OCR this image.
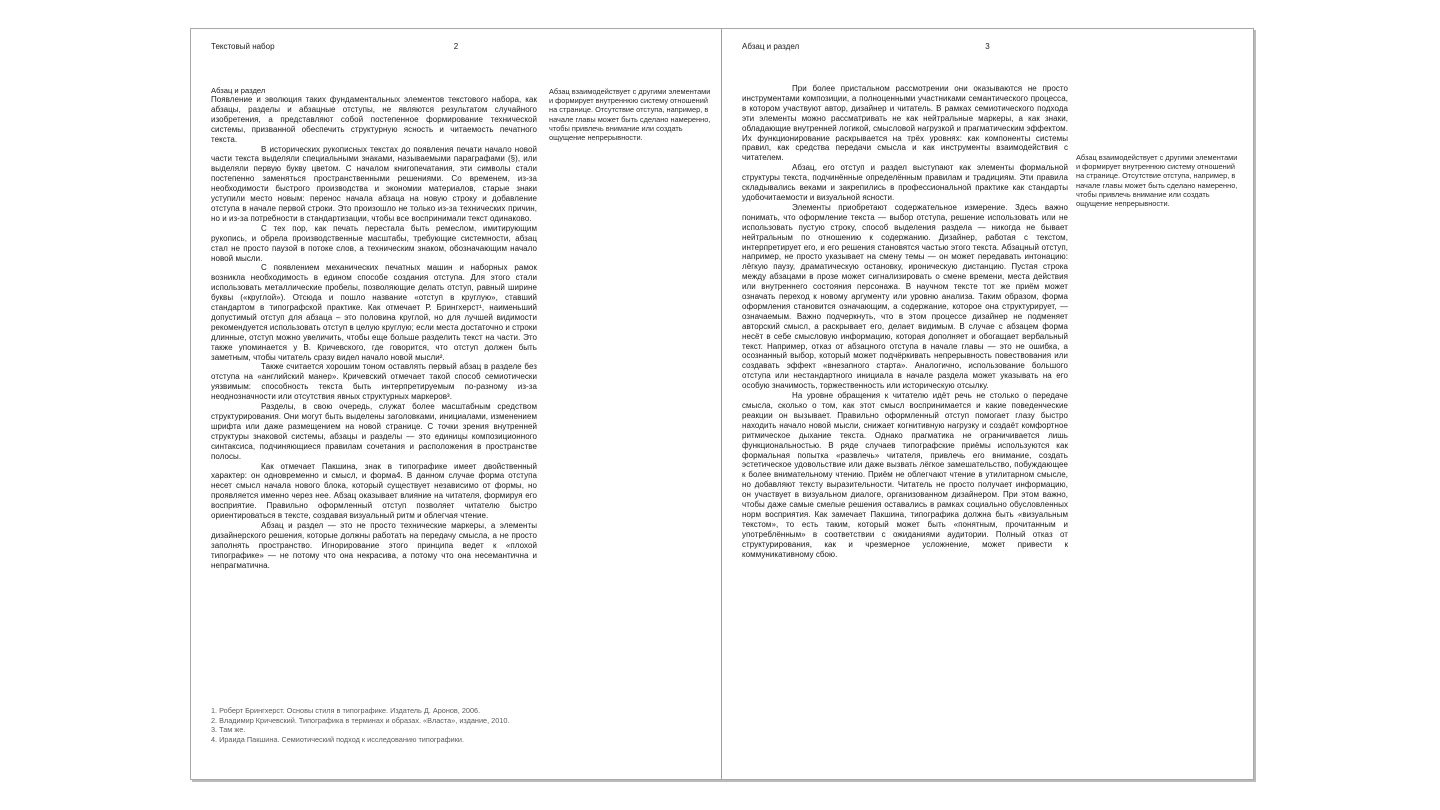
Текстовый набор	2
Абзац и раздел

Появление и эволюция таких фундаментальных элементов текстового набора, как абзацы, разделы и абзацные отступы, не являются результатом случайного изобретения, а представляют собой постепенное формирование технической системы, призванной обеспечить структурную ясность и читаемость печатного текста.

В исторических рукописных текстах до появления печати начало новой части текста выделяли специальными знаками, называемыми параграфами (§), или выделяли первую букву цветом. С началом книгопечатания, эти символы стали постепенно заменяться пространственными решениями. Со временем, из-за необходимости быстрого производства и экономии материалов, старые знаки уступили место новым: перенос начала абзаца на новую строку и добавление отступа в начале первой строки. Это произошло не только из-за технических причин, но и из-за потребности в стандартизации, чтобы все воспринимали текст одинаково.

С тех пор, как печать перестала быть ремеслом, имитирующим рукопись, и обрела производственные масштабы, требующие системности, абзац стал не просто паузой в потоке слов, а техническим знаком, обозначающим начало новой мысли.

С появлением механических печатных машин и наборных рамок возникла необходимость в едином способе создания отступа. Для этого стали использовать металлические пробелы, позволяющие делать отступ, равный ширине буквы («круглой»). Отсюда и пошло название «отступ в круглую», ставший стандартом в типографской практике. Как отмечает Р. Брингхерст¹, наименьший допустимый отступ для абзаца – это половина круглой, но для лучшей видимости рекомендуется использовать отступ в целую круглую; если места достаточно и строки длинные, отступ можно увеличить, чтобы еще больше разделить текст на части. Это также упоминается у В. Кричевского, где говорится, что отступ должен быть заметным, чтобы читатель сразу видел начало новой мысли².

Также считается хорошим тоном оставлять первый абзац в разделе без отступа на «английский манер». Кричевский отмечает такой способ семиотически уязвимым: способность текста быть интерпретируемым по-разному из-за неоднозначности или отсутствия явных структурных маркеров³.

Разделы, в свою очередь, служат более масштабным средством структурирования. Они могут быть выделены заголовками, инициалами, изменением шрифта или даже размещением на новой странице. С точки зрения внутренней структуры знаковой системы, абзацы и разделы — это единицы композиционного синтаксиса, подчиняющиеся правилам сочетания и расположения в пространстве полосы.

Как отмечает Пакшина, знак в типографике имеет двойственный характер: он одновременно и смысл, и форма4. В данном случае форма отступа несет смысл начала нового блока, который существует независимо от формы, но проявляется именно через нее. Абзац оказывает влияние на читателя, формируя его восприятие. Правильно оформленный отступ позволяет читателю быстро ориентироваться в тексте, создавая визуальный ритм и облегчая чтение.

Абзац и раздел — это не просто технические маркеры, а элементы дизайнерского решения, которые должны работать на передачу смысла, а не просто заполнять пространство. Игнорирование этого принципа ведет к «плохой типографике» — не потому что она некрасива, а потому что она несемантична и непрагматична.

Абзац взаимодействует с другими элементами и формирует внутреннюю систему отношений на странице. Отсутствие отступа, например, в начале главы может быть сделано намеренно, чтобы привлечь внимание или создать ощущение непрерывности.
1. Роберт Брингхерст. Основы стиля в типографике. Издатель Д. Аронов, 2006.
2. Владимир Кричевский. Типографика в терминах и образах. «Власта», издание, 2010.
3. Там же.
4. Ираида Пакшина. Семиотический подход к исследованию типографики.
Абзац и раздел	3

При более пристальном рассмотрении они оказываются не просто инструментами композиции, а полноценными участниками семантического процесса, в котором участвуют автор, дизайнер и читатель. В рамках семиотического подхода эти элементы можно рассматривать не как нейтральные маркеры, а как знаки, обладающие внутренней логикой, смысловой нагрузкой и прагматическим эффектом. Их функционирование раскрывается на трёх уровнях: как компоненты системы правил, как средства передачи смысла и как инструменты взаимодействия с читателем.

Абзац, его отступ и раздел выступают как элементы формальной структуры текста, подчинённые определённым правилам и традициям. Эти правила складывались веками и закрепились в профессиональной практике как стандарты удобочитаемости и визуальной ясности.

Элементы приобретают содержательное измерение. Здесь важно понимать, что оформление текста — выбор отступа, решение использовать или не использовать пустую строку, способ выделения раздела — никогда не бывает нейтральным по отношению к содержанию. Дизайнер, работая с текстом, интерпретирует его, и его решения становятся частью этого текста. Абзацный отступ, например, не просто указывает на смену темы — он может передавать интонацию: лёгкую паузу, драматическую остановку, ироническую дистанцию. Пустая строка между абзацами в прозе может сигнализировать о смене времени, места действия или внутреннего состояния персонажа. В научном тексте тот же приём может означать переход к новому аргументу или уровню анализа. Таким образом, форма оформления становится означающим, а содержание, которое она структурирует, — означаемым. Важно подчеркнуть, что в этом процессе дизайнер не подменяет авторский смысл, а раскрывает его, делает видимым. В случае с абзацем форма несёт в себе смысловую информацию, которая дополняет и обогащает вербальный текст. Например, отказ от абзацного отступа в начале главы — это не ошибка, а осознанный выбор, который может подчёркивать непрерывность повествования или создавать эффект «внезапного старта». Аналогично, использование большого отступа или нестандартного инициала в начале раздела может указывать на его особую значимость, торжественность или историческую отсылку.

На уровне обращения к читателю идёт речь не столько о передаче смысла, сколько о том, как этот смысл воспринимается и какие поведенческие реакции он вызывает. Правильно оформленный отступ помогает глазу быстро находить начало новой мысли, снижает когнитивную нагрузку и создаёт комфортное ритмическое дыхание текста. Однако прагматика не ограничивается лишь функциональностью. В ряде случаев типографские приёмы используются как формальная попытка «развлечь» читателя, привлечь его внимание, создать эстетическое удовольствие или даже вызвать лёгкое замешательство, побуждающее к более внимательному чтению. Приём не облегчают чтение в утилитарном смысле, но добавляют тексту выразительности. Читатель не просто получает информацию, он участвует в визуальном диалоге, организованном дизайнером. При этом важно, чтобы даже самые смелые решения оставались в рамках социально обусловленных норм восприятия. Как замечает Пакшина, типографика должна быть «визуальным текстом», то есть таким, который может быть «понятным, прочитанным и употреблённым» в соответствии с ожиданиями аудитории. Полный отказ от структурирования, как и чрезмерное усложнение, может привести к коммуникативному сбою.

Абзац взаимодействует с другими элементами и формирует внутреннюю систему отношений на странице. Отсутствие отступа, например, в начале главы может быть сделано намеренно, чтобы привлечь внимание или создать ощущение непрерывности.
